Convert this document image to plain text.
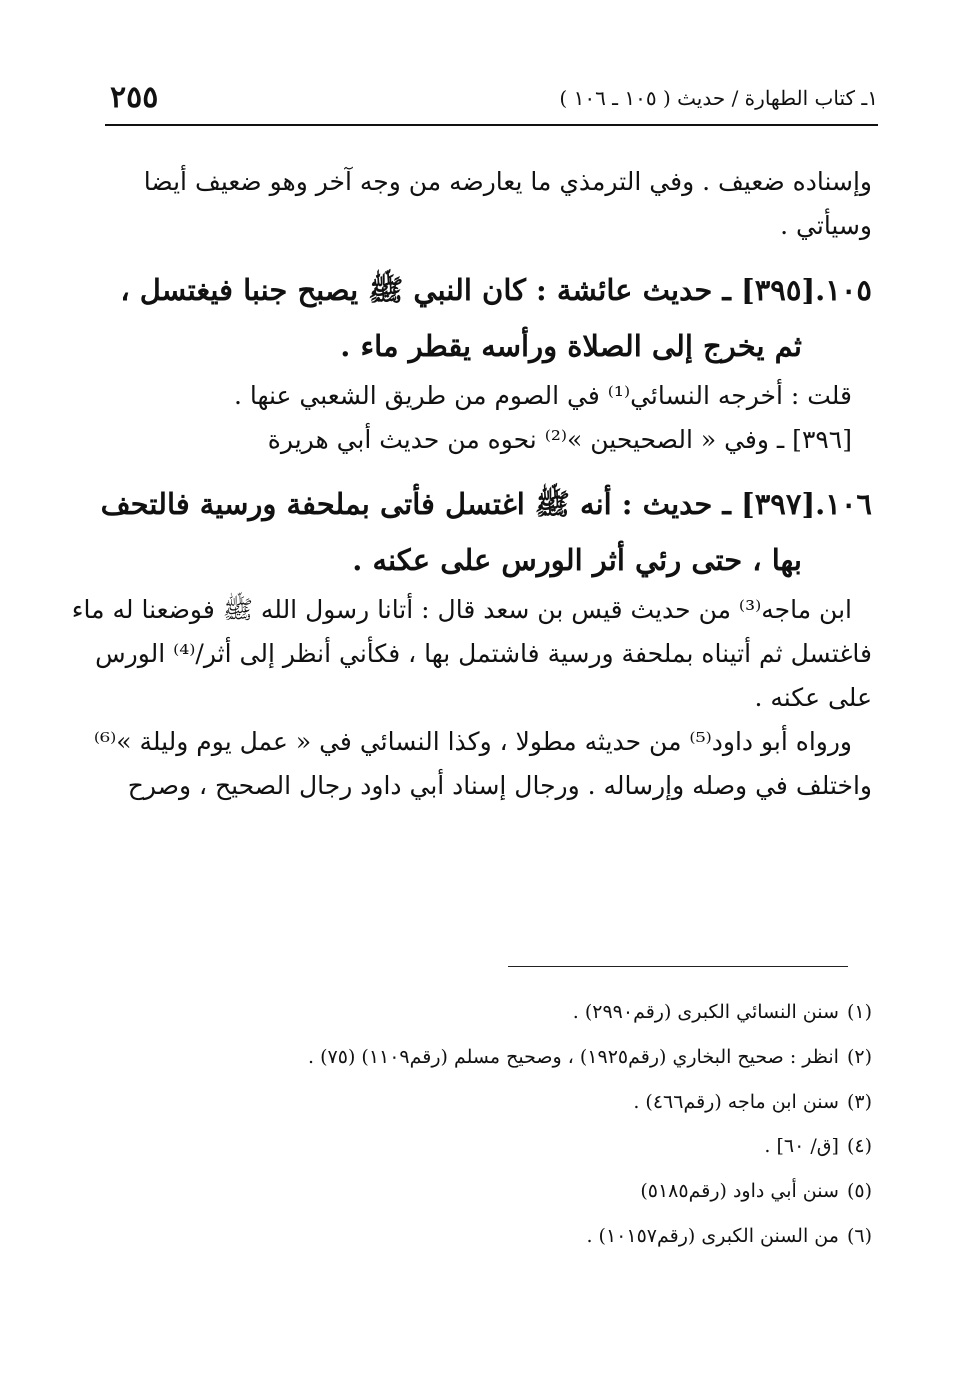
١ـ كتاب الطهارة / حديث ( ١٠٥ ـ ١٠٦ )
٢٥٥
وإسناده ضعيف . وفي الترمذي ما يعارضه من وجه آخر وهو ضعيف أيضا
وسيأتي .
١٠٥.[٣٩٥] ـ حديث عائشة : كان النبي ﷺ يصبح جنبا فيغتسل ،
ثم يخرج إلى الصلاة ورأسه يقطر ماء .
قلت : أخرجه النسائي⁽¹⁾ في الصوم من طريق الشعبي عنها .
[٣٩٦] ـ وفي « الصحيحين »⁽²⁾ نحوه من حديث أبي هريرة
١٠٦.[٣٩٧] ـ حديث : أنه ﷺ اغتسل فأتى بملحفة ورسية فالتحف
بها ، حتى رئي أثر الورس على عكنه .
ابن ماجه⁽³⁾ من حديث قيس بن سعد قال : أتانا رسول الله ﷺ فوضعنا له ماء
فاغتسل ثم أتيناه بملحفة ورسية فاشتمل بها ، فكأني أنظر إلى أثر/⁽⁴⁾ الورس
على عكنه .
ورواه أبو داود⁽⁵⁾ من حديثه مطولا ، وكذا النسائي في « عمل يوم وليلة »⁽⁶⁾
واختلف في وصله وإرساله . ورجال إسناد أبي داود رجال الصحيح ، وصرح
(١)سنن النسائي الكبرى (رقم٢٩٩٠) .
(٢)انظر : صحيح البخاري (رقم١٩٢٥) ، وصحيح مسلم (رقم١١٠٩) (٧٥) .
(٣)سنن ابن ماجه (رقم٤٦٦) .
(٤)[ق/ ٦٠] .
(٥)سنن أبي داود (رقم٥١٨٥)
(٦)من السنن الكبرى (رقم١٠١٥٧) .
